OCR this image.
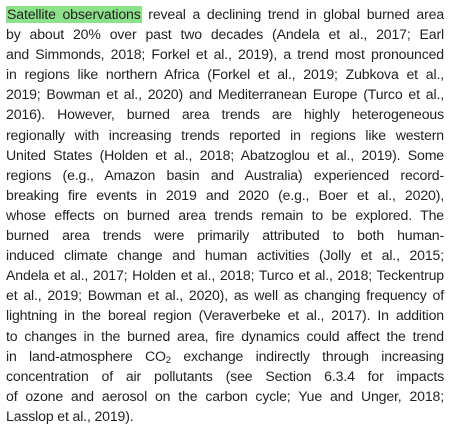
Satellite observations reveal a declining trend in global burned area
by about 20% over past two decades (Andela et al., 2017; Earl
and Simmonds, 2018; Forkel et al., 2019), a trend most pronounced
in regions like northern Africa (Forkel et al., 2019; Zubkova et al.,
2019; Bowman et al., 2020) and Mediterranean Europe (Turco et al.,
2016). However, burned area trends are highly heterogeneous
regionally with increasing trends reported in regions like western
United States (Holden et al., 2018; Abatzoglou et al., 2019). Some
regions (e.g., Amazon basin and Australia) experienced record-
breaking fire events in 2019 and 2020 (e.g., Boer et al., 2020),
whose effects on burned area trends remain to be explored. The
burned area trends were primarily attributed to both human-
induced climate change and human activities (Jolly et al., 2015;
Andela et al., 2017; Holden et al., 2018; Turco et al., 2018; Teckentrup
et al., 2019; Bowman et al., 2020), as well as changing frequency of
lightning in the boreal region (Veraverbeke et al., 2017). In addition
to changes in the burned area, fire dynamics could affect the trend
in land-atmosphere $CO_2$ exchange indirectly through increasing
concentration of air pollutants (see Section 6.3.4 for impacts
of ozone and aerosol on the carbon cycle; Yue and Unger, 2018;
Lasslop et al., 2019).
